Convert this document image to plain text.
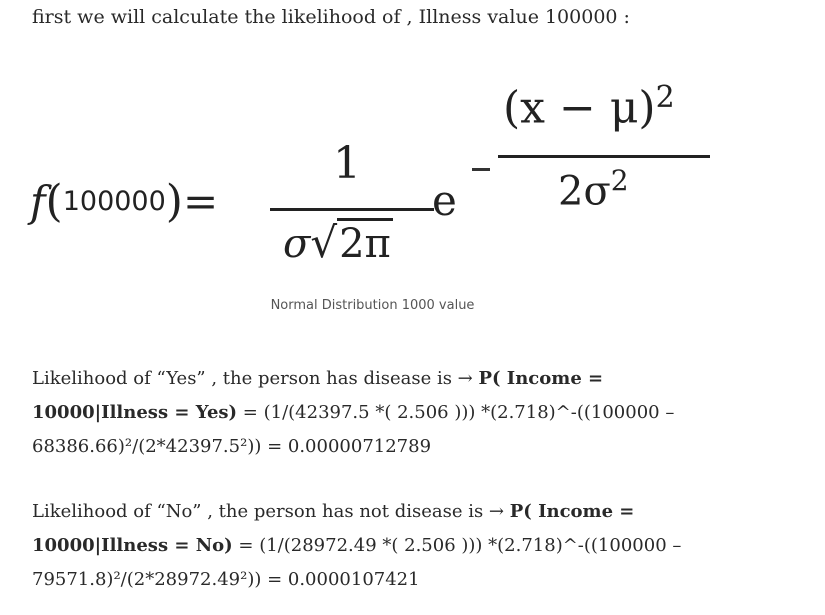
first we will calculate the likelihood of , Illness value 100000 :
f(100000)=
1
σ√2π
e
$(x - \mu)^2$
$2\sigma^2$
Normal Distribution 1000 value
Likelihood of “Yes” , the person has disease is → P( Income =
10000|Illness = Yes) = (1/(42397.5 *( 2.506 ))) *(2.718)^-((100000 –
68386.66)²/(2*42397.5²)) = 0.00000712789
Likelihood of “No” , the person has not disease is → P( Income =
10000|Illness = No) = (1/(28972.49 *( 2.506 ))) *(2.718)^-((100000 –
79571.8)²/(2*28972.49²)) = 0.0000107421
